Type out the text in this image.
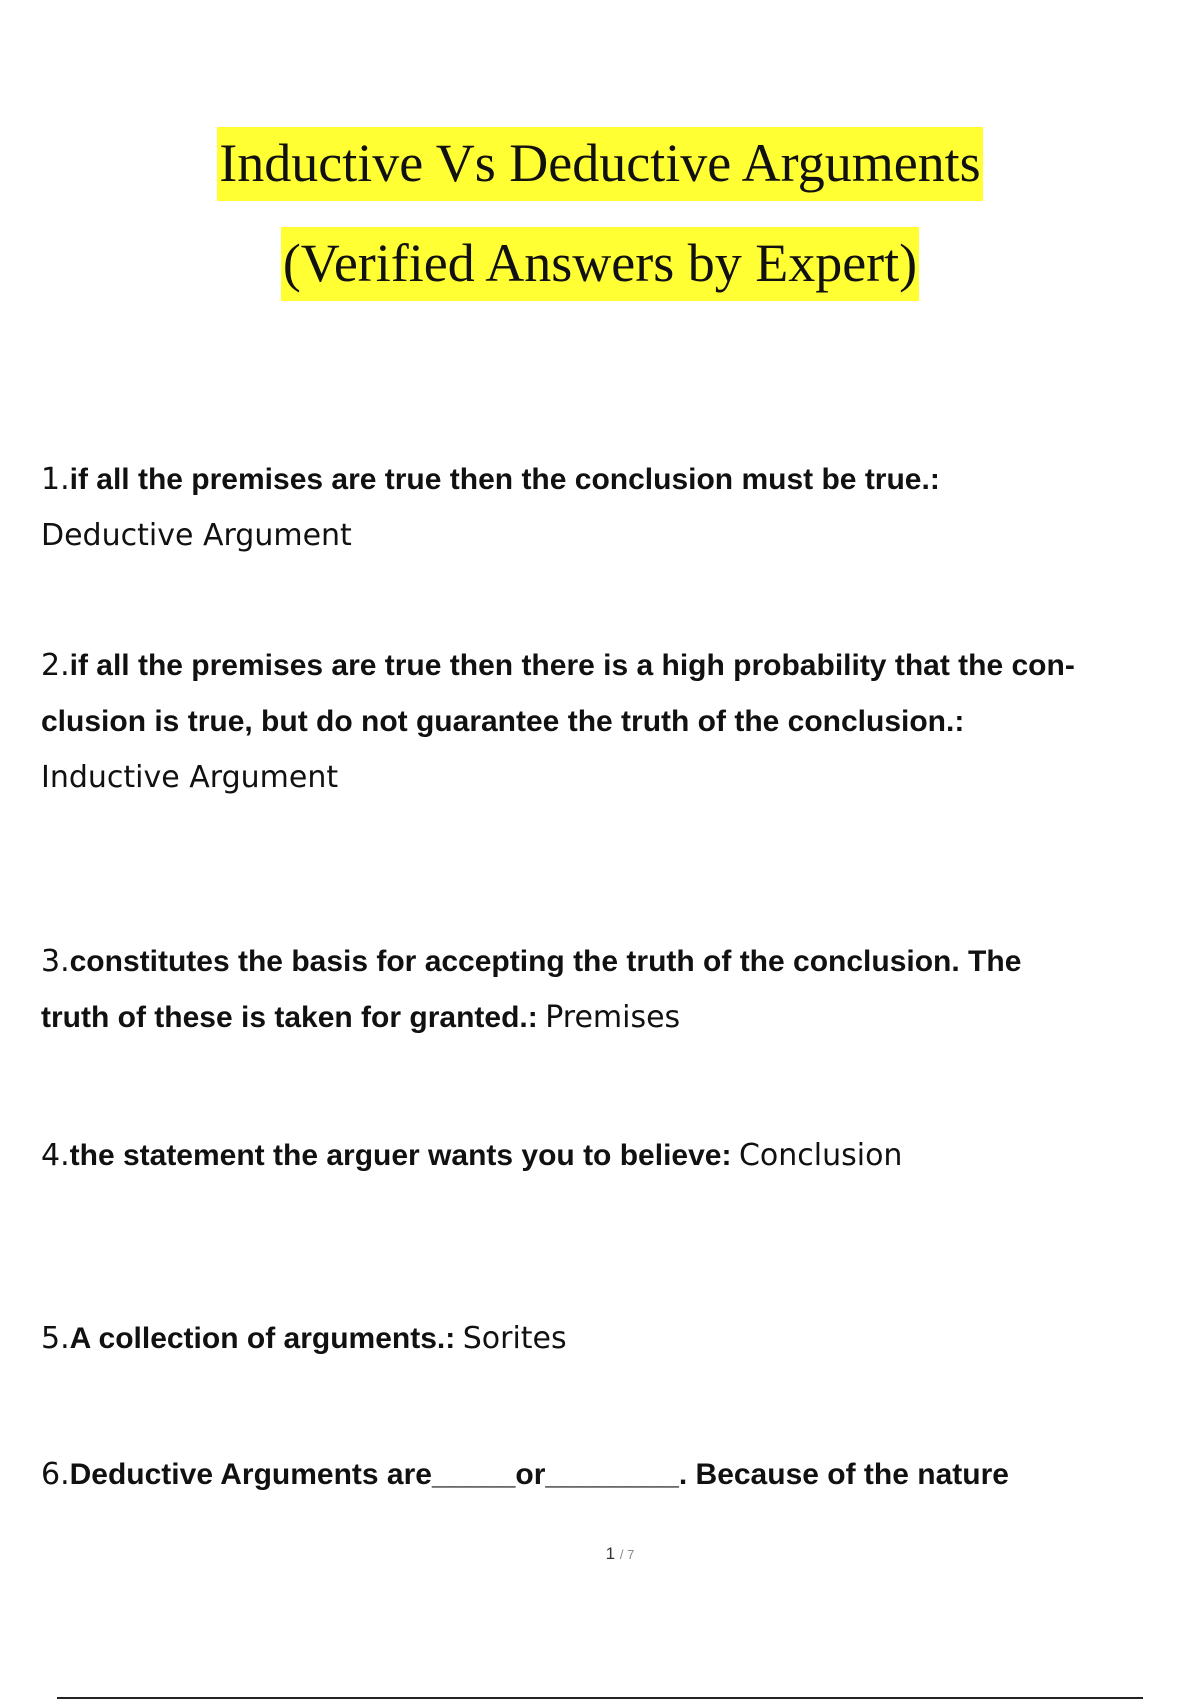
Inductive Vs Deductive Arguments
(Verified Answers by Expert)
1.if all the premises are true then the conclusion must be true.:
Deductive Argument
2.if all the premises are true then there is a high probability that the con-
clusion is true, but do not guarantee the truth of the conclusion.:
Inductive Argument
3.constitutes the basis for accepting the truth of the conclusion. The
truth of these is taken for granted.: Premises
4.the statement the arguer wants you to believe: Conclusion
5.A collection of arguments.: Sorites
6.Deductive Arguments are_____or________. Because of the nature
1 / 7
